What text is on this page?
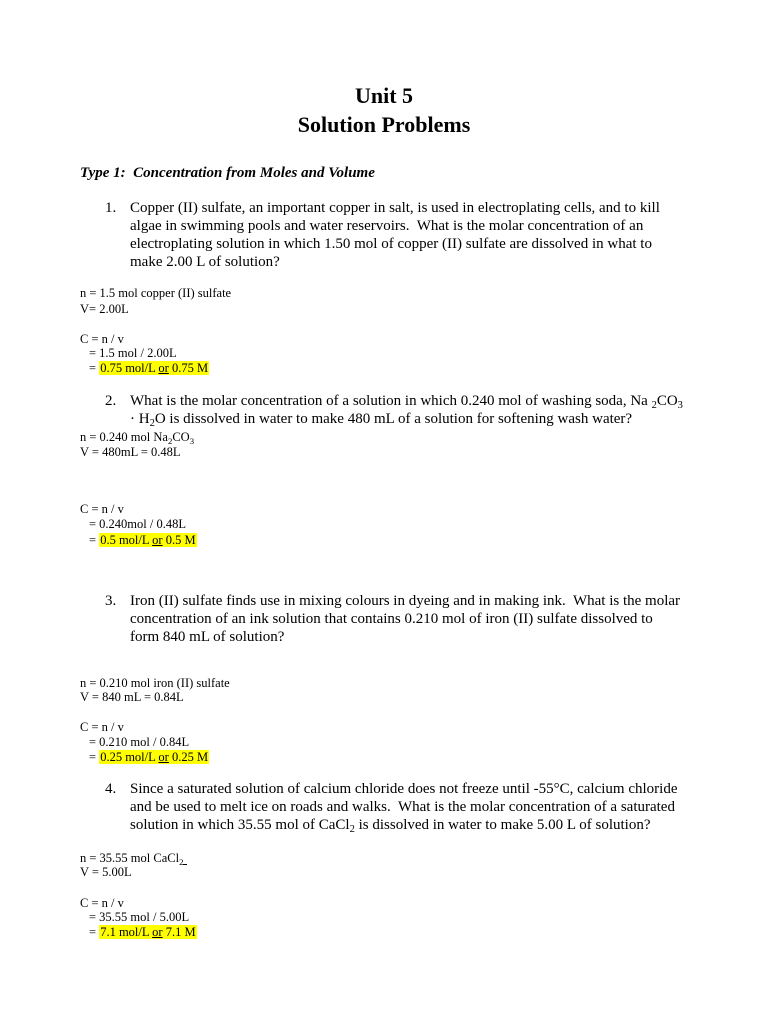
Unit 5
Solution Problems
Type 1:  Concentration from Moles and Volume
1. Copper (II) sulfate, an important copper in salt, is used in electroplating cells, and to kill
algae in swimming pools and water reservoirs.  What is the molar concentration of an
electroplating solution in which 1.50 mol of copper (II) sulfate are dissolved in what to
make 2.00 L of solution?
n = 1.5 mol copper (II) sulfate
V= 2.00L
C = n / v
= 1.5 mol / 2.00L
= 0.75 mol/L or 0.75 M
2. What is the molar concentration of a solution in which 0.240 mol of washing soda, Na $_2CO_3$
· $H_2O$ is dissolved in water to make 480 mL of a solution for softening wash water?
n = 0.240 mol $Na_2CO_3$
V = 480mL = 0.48L
C = n / v
= 0.240mol / 0.48L
= 0.5 mol/L or 0.5 M
3. Iron (II) sulfate finds use in mixing colours in dyeing and in making ink.  What is the molar
concentration of an ink solution that contains 0.210 mol of iron (II) sulfate dissolved to
form 840 mL of solution?
n = 0.210 mol iron (II) sulfate
V = 840 mL = 0.84L
C = n / v
= 0.210 mol / 0.84L
= 0.25 mol/L or 0.25 M
4. Since a saturated solution of calcium chloride does not freeze until -55°C, calcium chloride
and be used to melt ice on roads and walks.  What is the molar concentration of a saturated
solution in which 35.55 mol of CaCl$_2$ is dissolved in water to make 5.00 L of solution?
n = 35.55 mol CaCl$_2$
V = 5.00L
C = n / v
= 35.55 mol / 5.00L
= 7.1 mol/L or 7.1 M
